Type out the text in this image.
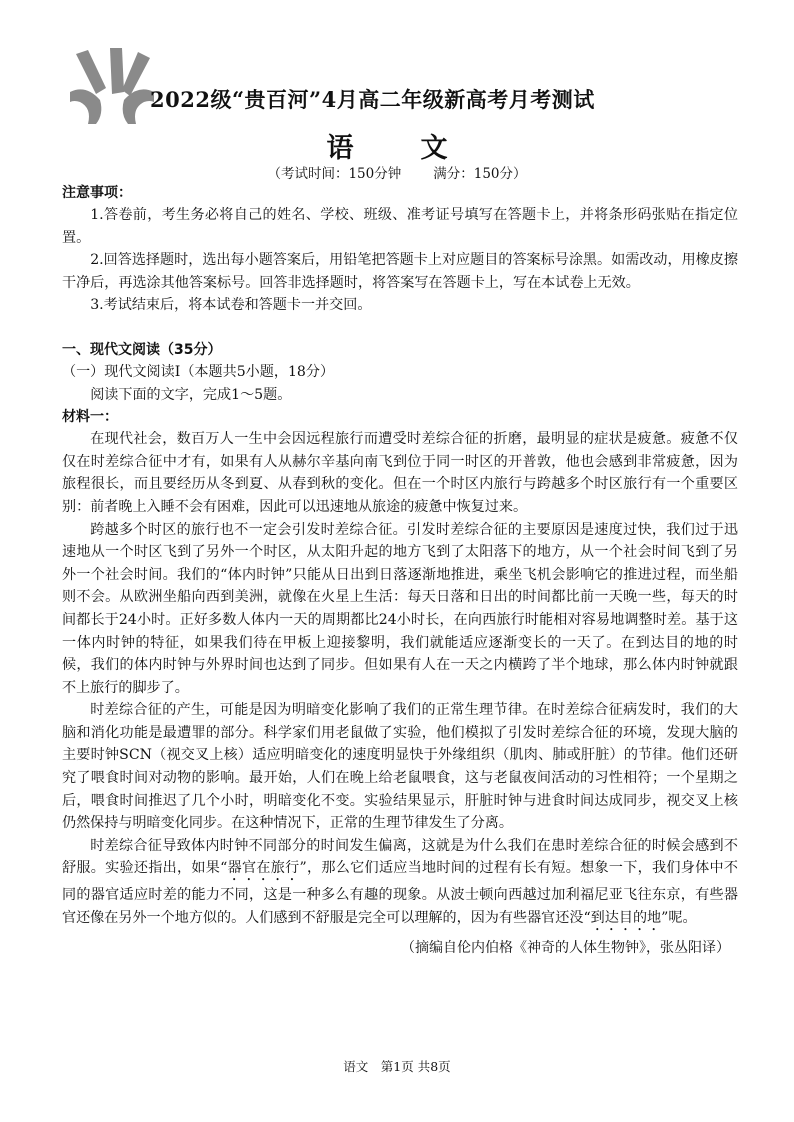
2022级“贵百河”4月高二年级新高考月考测试
语　文
（考试时间：150分钟 满分：150分）

注意事项：

1.答卷前，考生务必将自己的姓名、学校、班级、准考证号填写在答题卡上，并将条形码张贴在指定位置。

2.回答选择题时，选出每小题答案后，用铅笔把答题卡上对应题目的答案标号涂黑。如需改动，用橡皮擦干净后，再选涂其他答案标号。回答非选择题时，将答案写在答题卡上，写在本试卷上无效。

3.考试结束后，将本试卷和答题卡一并交回。

一、现代文阅读（35分）

（一）现代文阅读Ⅰ（本题共5小题，18分）

阅读下面的文字，完成1～5题。

材料一：

在现代社会，数百万人一生中会因远程旅行而遭受时差综合征的折磨，最明显的症状是疲惫。疲惫不仅仅在时差综合征中才有，如果有人从赫尔辛基向南飞到位于同一时区的开普敦，他也会感到非常疲惫，因为旅程很长，而且要经历从冬到夏、从春到秋的变化。但在一个时区内旅行与跨越多个时区旅行有一个重要区别：前者晚上入睡不会有困难，因此可以迅速地从旅途的疲惫中恢复过来。

跨越多个时区的旅行也不一定会引发时差综合征。引发时差综合征的主要原因是速度过快，我们过于迅速地从一个时区飞到了另外一个时区，从太阳升起的地方飞到了太阳落下的地方，从一个社会时间飞到了另外一个社会时间。我们的“体内时钟”只能从日出到日落逐渐地推进，乘坐飞机会影响它的推进过程，而坐船则不会。从欧洲坐船向西到美洲，就像在火星上生活：每天日落和日出的时间都比前一天晚一些，每天的时间都长于24小时。正好多数人体内一天的周期都比24小时长，在向西旅行时能相对容易地调整时差。基于这一体内时钟的特征，如果我们待在甲板上迎接黎明，我们就能适应逐渐变长的一天了。在到达目的地的时候，我们的体内时钟与外界时间也达到了同步。但如果有人在一天之内横跨了半个地球，那么体内时钟就跟不上旅行的脚步了。

时差综合征的产生，可能是因为明暗变化影响了我们的正常生理节律。在时差综合征病发时，我们的大脑和消化功能是最遭罪的部分。科学家们用老鼠做了实验，他们模拟了引发时差综合征的环境，发现大脑的主要时钟SCN（视交叉上核）适应明暗变化的速度明显快于外缘组织（肌肉、肺或肝脏）的节律。他们还研究了喂食时间对动物的影响。最开始，人们在晚上给老鼠喂食，这与老鼠夜间活动的习性相符；一个星期之后，喂食时间推迟了几个小时，明暗变化不变。实验结果显示，肝脏时钟与进食时间达成同步，视交叉上核仍然保持与明暗变化同步。在这种情况下，正常的生理节律发生了分离。

时差综合征导致体内时钟不同部分的时间发生偏离，这就是为什么我们在患时差综合征的时候会感到不舒服。实验还指出，如果“器官在旅行”，那么它们适应当地时间的过程有长有短。想象一下，我们身体中不同的器官适应时差的能力不同，这是一种多么有趣的现象。从波士顿向西越过加利福尼亚飞往东京，有些器官还像在另外一个地方似的。人们感到不舒服是完全可以理解的，因为有些器官还没“到达目的地”呢。

（摘编自伦内伯格《神奇的人体生物钟》，张丛阳译）
语文　第1页 共8页
